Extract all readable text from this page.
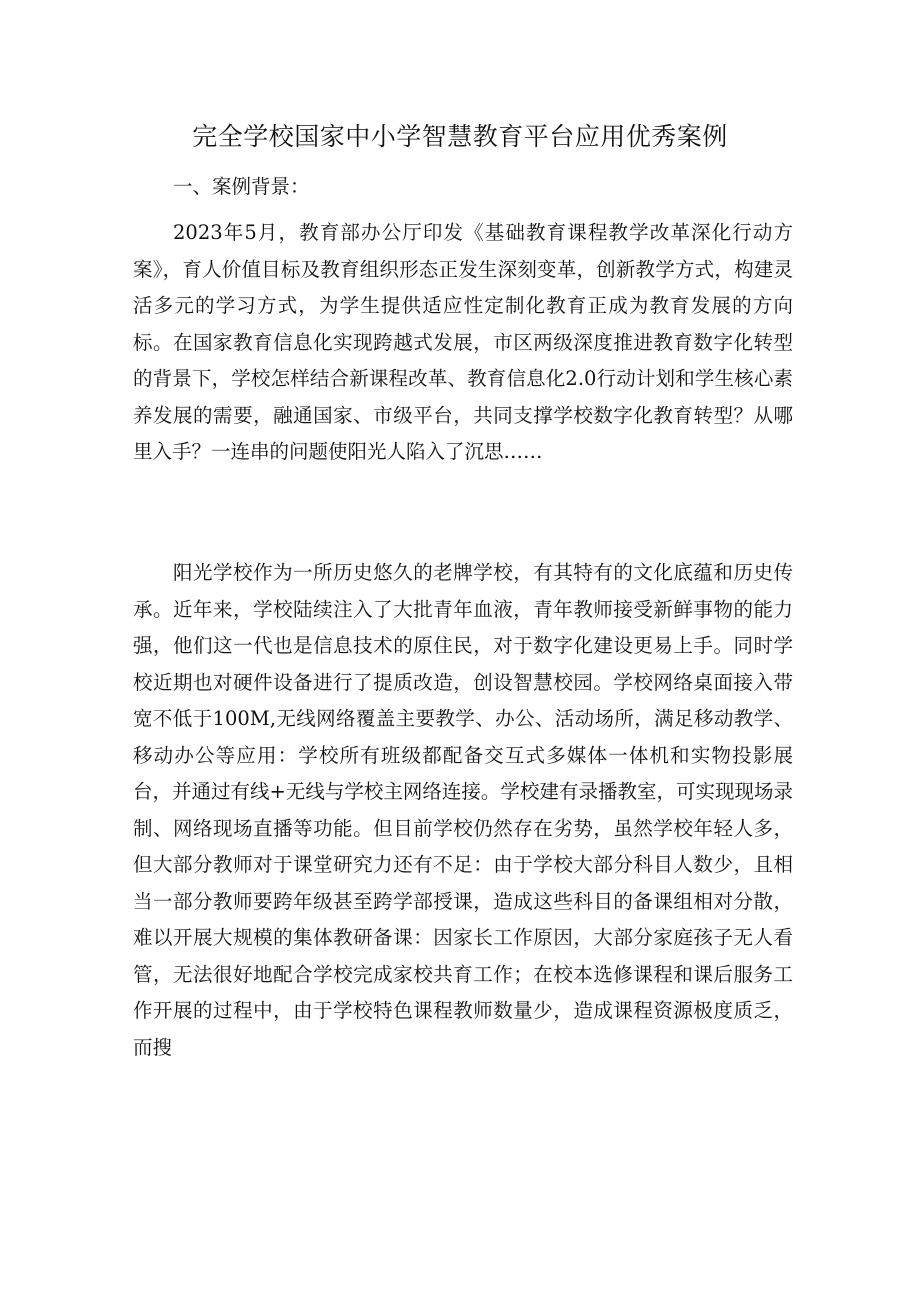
完全学校国家中小学智慧教育平台应用优秀案例
一、案例背景：

2023年5月，教育部办公厅印发《基础教育课程教学改革深化行动方案》，育人价值目标及教育组织形态正发生深刻变革，创新教学方式，构建灵活多元的学习方式，为学生提供适应性定制化教育正成为教育发展的方向标。在国家教育信息化实现跨越式发展，市区两级深度推进教育数字化转型的背景下，学校怎样结合新课程改革、教育信息化2.0行动计划和学生核心素养发展的需要，融通国家、市级平台，共同支撑学校数字化教育转型？从哪里入手？一连串的问题使阳光人陷入了沉思……

阳光学校作为一所历史悠久的老牌学校，有其特有的文化底蕴和历史传承。近年来，学校陆续注入了大批青年血液，青年教师接受新鲜事物的能力强，他们这一代也是信息技术的原住民，对于数字化建设更易上手。同时学校近期也对硬件设备进行了提质改造，创设智慧校园。学校网络桌面接入带宽不低于100M,无线网络覆盖主要教学、办公、活动场所，满足移动教学、移动办公等应用：学校所有班级都配备交互式多媒体一体机和实物投影展台，并通过有线+无线与学校主网络连接。学校建有录播教室，可实现现场录制、网络现场直播等功能。但目前学校仍然存在劣势，虽然学校年轻人多，但大部分教师对于课堂研究力还有不足：由于学校大部分科目人数少，且相当一部分教师要跨年级甚至跨学部授课，造成这些科目的备课组相对分散，难以开展大规模的集体教研备课：因家长工作原因，大部分家庭孩子无人看管，无法很好地配合学校完成家校共育工作；在校本选修课程和课后服务工作开展的过程中，由于学校特色课程教师数量少，造成课程资源极度质乏，而搜
